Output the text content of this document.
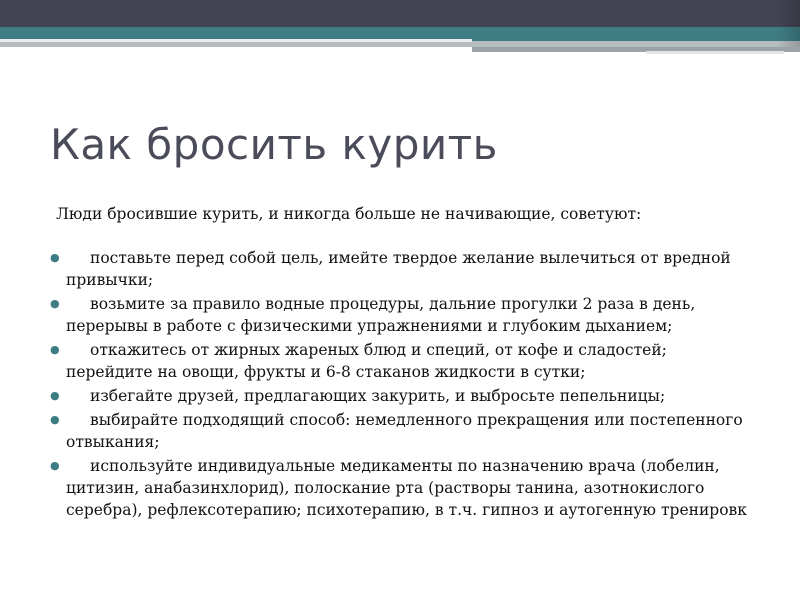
Как бросить курить

Люди бросившие курить, и никогда больше не начивающие, советуют:

● поставьте перед собой цель, имейте твердое желание вылечиться от вредной привычки;
● возьмите за правило водные процедуры, дальние прогулки 2 раза в день, перерывы в работе с физическими упражнениями и глубоким дыханием;
● откажитесь от жирных жареных блюд и специй, от кофе и сладостей; перейдите на овощи, фрукты и 6-8 стаканов жидкости в сутки;
● избегайте друзей, предлагающих закурить, и выбросьте пепельницы;
● выбирайте подходящий способ: немедленного прекращения или постепенного отвыкания;
● используйте индивидуальные медикаменты по назначению врача (лобелин, цитизин, анабазинхлорид), полоскание рта (растворы танина, азотнокислого серебра), рефлексотерапию; психотерапию, в т.ч. гипноз и аутогенную тренировк
